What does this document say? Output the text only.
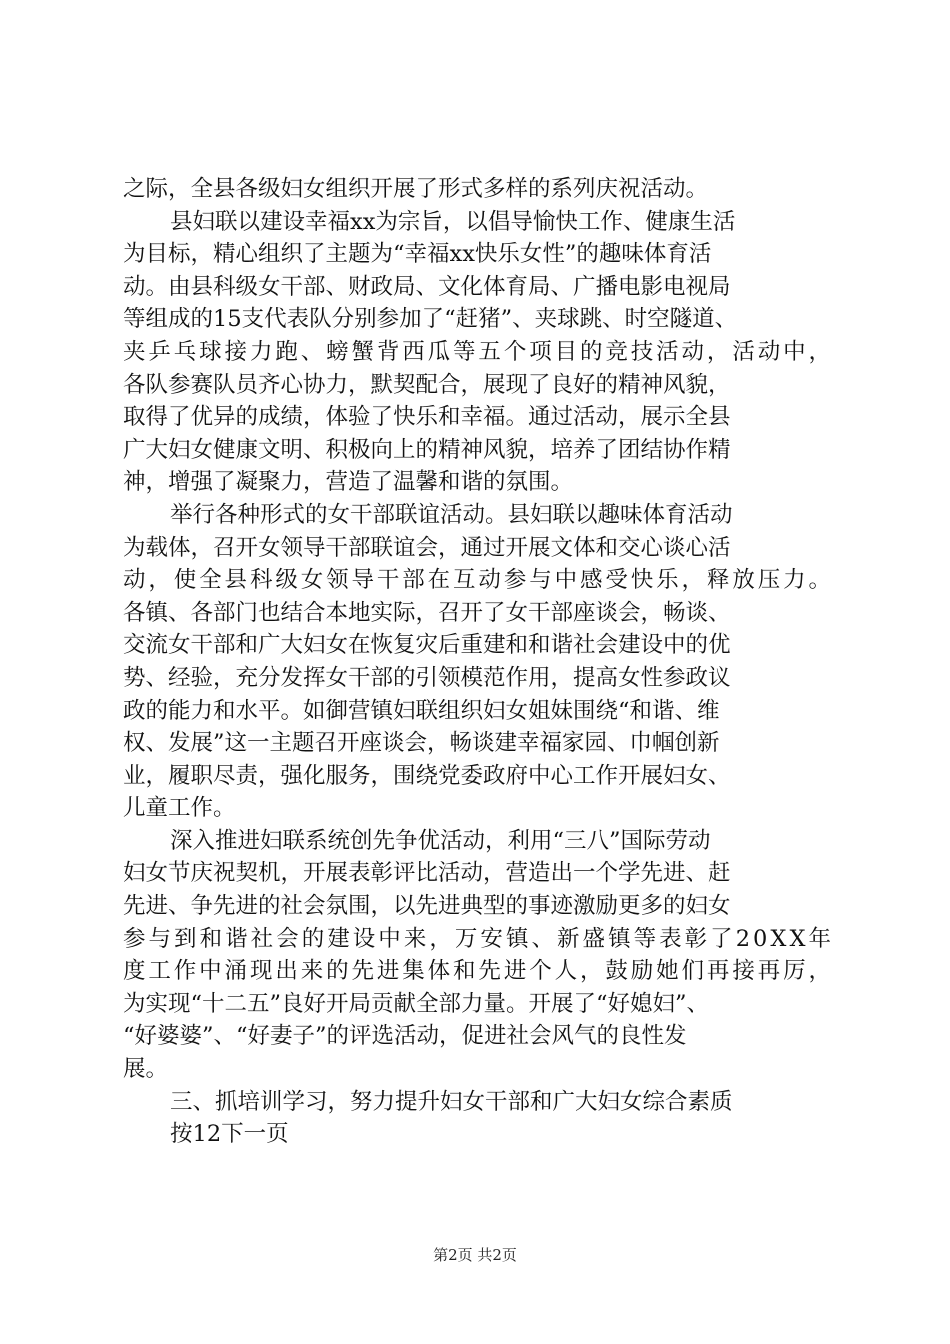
之际，全县各级妇女组织开展了形式多样的系列庆祝活动。
县妇联以建设幸福xx为宗旨，以倡导愉快工作、健康生活
为目标，精心组织了主题为“幸福xx快乐女性”的趣味体育活
动。由县科级女干部、财政局、文化体育局、广播电影电视局
等组成的15支代表队分别参加了“赶猪”、夹球跳、时空隧道、
夹乒乓球接力跑、螃蟹背西瓜等五个项目的竞技活动，活动中，
各队参赛队员齐心协力，默契配合，展现了良好的精神风貌，
取得了优异的成绩，体验了快乐和幸福。通过活动，展示全县
广大妇女健康文明、积极向上的精神风貌，培养了团结协作精
神，增强了凝聚力，营造了温馨和谐的氛围。
举行各种形式的女干部联谊活动。县妇联以趣味体育活动
为载体，召开女领导干部联谊会，通过开展文体和交心谈心活
动，使全县科级女领导干部在互动参与中感受快乐，释放压力。
各镇、各部门也结合本地实际，召开了女干部座谈会，畅谈、
交流女干部和广大妇女在恢复灾后重建和和谐社会建设中的优
势、经验，充分发挥女干部的引领模范作用，提高女性参政议
政的能力和水平。如御营镇妇联组织妇女姐妹围绕“和谐、维
权、发展”这一主题召开座谈会，畅谈建幸福家园、巾帼创新
业，履职尽责，强化服务，围绕党委政府中心工作开展妇女、
儿童工作。
深入推进妇联系统创先争优活动，利用“三八”国际劳动
妇女节庆祝契机，开展表彰评比活动，营造出一个学先进、赶
先进、争先进的社会氛围，以先进典型的事迹激励更多的妇女
参与到和谐社会的建设中来，万安镇、新盛镇等表彰了20XX年
度工作中涌现出来的先进集体和先进个人，鼓励她们再接再厉，
为实现“十二五”良好开局贡献全部力量。开展了“好媳妇”、
“好婆婆”、“好妻子”的评选活动，促进社会风气的良性发
展。
三、抓培训学习，努力提升妇女干部和广大妇女综合素质
按12下一页
第2页 共2页
